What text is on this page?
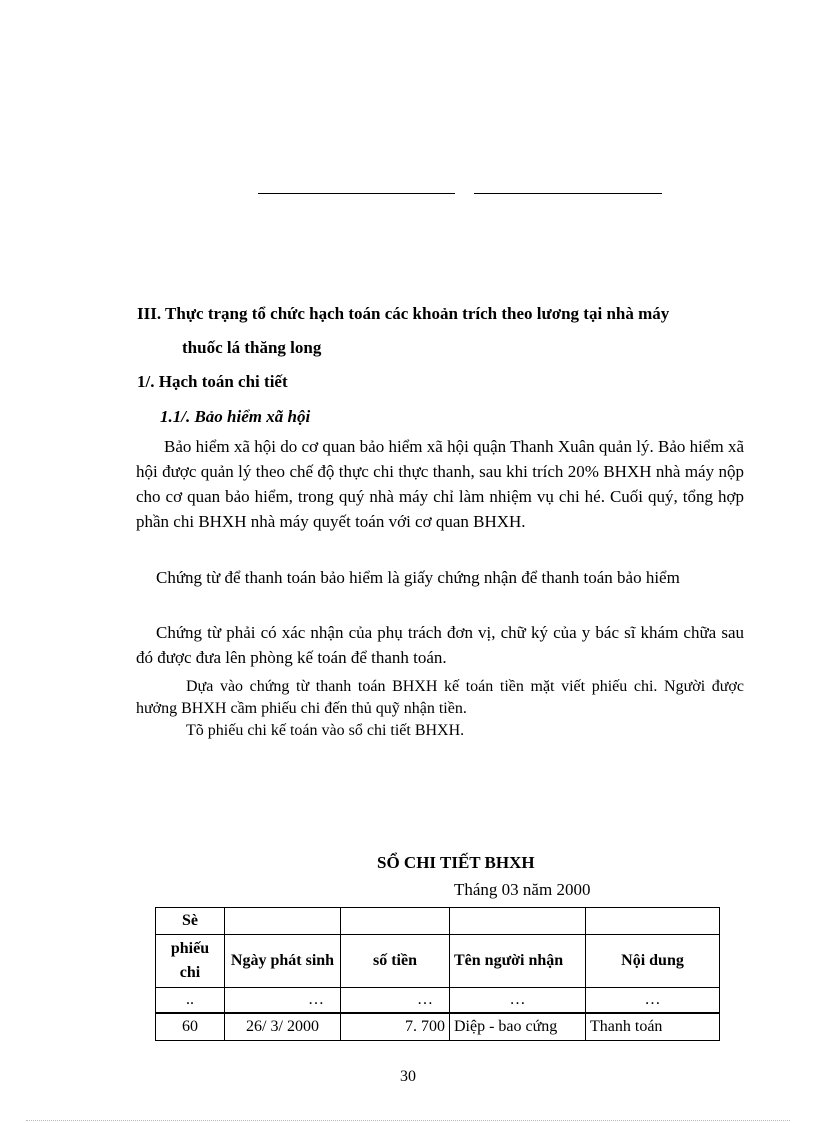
III. Thực trạng tổ chức hạch toán các khoản trích theo lương tại nhà máy
thuốc lá thăng long
1/. Hạch toán chi tiết
1.1/. Bảo hiểm xã hội
Bảo hiểm xã hội do cơ quan bảo hiểm xã hội quận Thanh Xuân quản lý. Bảo hiểm xã hội được quản lý theo chế độ thực chi thực thanh, sau khi trích 20% BHXH nhà máy nộp cho cơ quan bảo hiểm, trong quý nhà máy chỉ làm nhiệm vụ chi hé. Cuối quý, tổng hợp phần chi BHXH nhà máy quyết toán với cơ quan BHXH.
Chứng từ để thanh toán bảo hiểm là giấy chứng nhận để thanh toán bảo hiểm
Chứng từ phải có xác nhận của phụ trách đơn vị, chữ ký của y bác sĩ khám chữa sau đó được đưa lên phòng kế toán để thanh toán.
Dựa vào chứng từ thanh toán BHXH kế toán tiền mặt viết phiếu chi. Người được hưởng BHXH cầm phiếu chi đến thủ quỹ nhận tiền.
Tõ phiếu chi kế toán vào sổ chi tiết BHXH.
SỔ CHI TIẾT BHXH
Tháng 03 năm 2000
Sè				
phiếu chi	Ngày phát sinh	số tiền	Tên người nhận	Nội dung
..	…	…	…	…
60	26/ 3/ 2000	7. 700	Diệp - bao cứng	Thanh toán
30
